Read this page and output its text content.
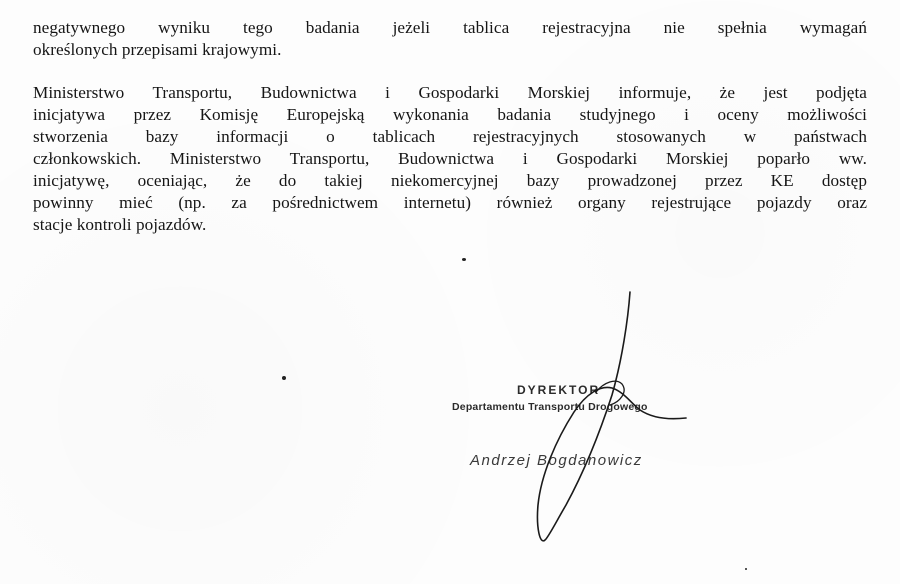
negatywnego wyniku tego badania jeżeli tablica rejestracyjna nie spełnia wymagań
określonych przepisami krajowymi.
Ministerstwo Transportu, Budownictwa i Gospodarki Morskiej informuje, że jest podjęta
inicjatywa przez Komisję Europejską wykonania badania studyjnego i oceny możliwości
stworzenia bazy informacji o tablicach rejestracyjnych stosowanych w państwach
członkowskich. Ministerstwo Transportu, Budownictwa i Gospodarki Morskiej poparło ww.
inicjatywę, oceniając, że do takiej niekomercyjnej bazy prowadzonej przez KE dostęp
powinny mieć (np. za pośrednictwem internetu) również organy rejestrujące pojazdy oraz
stacje kontroli pojazdów.
DYREKTOR
Departamentu Transportu Drogowego
Andrzej Bogdanowicz
